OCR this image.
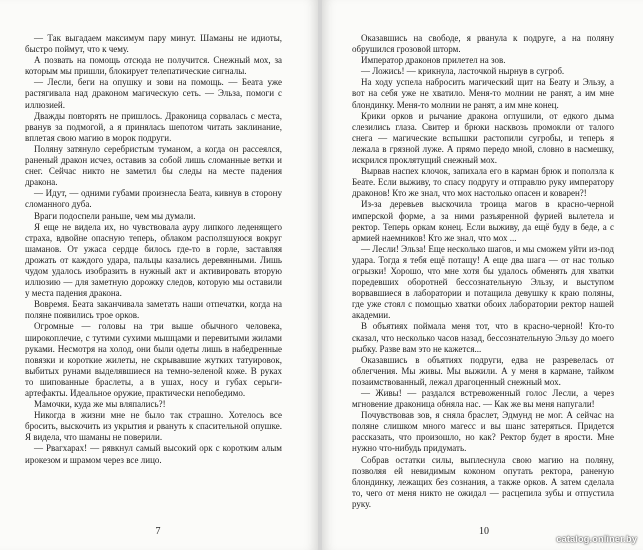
— Так выгадаем максимум пару минут. Шаманы не идиоты, быстро поймут, что к чему.

А позвать на помощь отсюда не получится. Снежный мох, за которым мы пришли, блокирует телепатические сигналы.

— Лесли, беги на опушку и зови на помощь. — Беата уже растягивала над драконом магическую сеть. — Эльза, помоги с иллюзией.

Дважды повторять не пришлось. Драконица сорвалась с места, рванув за подмогой, а я принялась шепотом читать заклинание, вплетая свою магию в морок подруги.

Поляну затянуло серебристым туманом, а когда он рассеялся, раненый дракон исчез, оставив за собой лишь сломанные ветки и снег. Сейчас никто не заметил бы следы на месте падения дракона.

— Идут, — одними губами произнесла Беата, кивнув в сторону сломанного дуба.

Враги подоспели раньше, чем мы думали.

Я еще не видела их, но чувствовала ауру липкого леденящего страха, вдвойне опасную теперь, облаком расползшуюся вокруг шаманов. От ужаса сердце билось где-то в горле, заставляя дрожать от каждого удара, пальцы казались деревянными. Лишь чудом удалось изобразить в нужный акт и активировать вторую иллюзию — для заметную дорожку следов, которую мы оставили у места падения дракона.

Вовремя. Беата заканчивала заметать наши отпечатки, когда на поляне появились трое орков.

Огромные — головы на три выше обычного человека, широкоплечие, с тутими сухими мышцами и перевитыми жилами руками. Несмотря на холод, они были одеты лишь в набедренные повязки и короткие жилеты, не скрывавшие жутких татуировок, выбитых рунами выделявшиеся на темно-зеленой коже. В руках то шипованные браслеты, а в ушах, носу и губах серьги-артефакты. Идеальное оружие, практически непобедимо.

Мамочки, куда же мы вляпались?!

Никогда в жизни мне не было так страшно. Хотелось все бросить, выскочить из укрытия и рвануть к спасительной опушке. Я видела, что шаманы не поверили.

— Рвагхарах! — рявкнул самый высокий орк с коротким алым ирокезом и шрамом через все лицо.

7

Оказавшись на свободе, я рванула к подруге, а на поляну обрушился грозовой шторм.

Император драконов прилетел на зов.

— Ложись! — крикнула, ласточкой нырнув в сугроб.

На ходу успела набросить магический щит на Беату и Эльзу, а вот на себя уже не хватило. Меня-то молнии не ранят, а им мне блондинку. Меня-то молнии не ранят, а им мне конец.

Крики орков и рычание дракона оглушили, от едкого дыма слезились глаза. Свитер и брюки насквозь промокли от талого снега — магические вспышки растопили сугробы, и теперь я лежала в грязной луже. А прямо передо мной, словно в насмешку, искрился проклятущий снежный мох.

Вырвав наспех клочок, запихала его в карман брюк и поползла к Беате. Если выживу, то спасу подругу и отправлю руку императору драконов! Кто же знал, что мох настолько опасен и коварен?!

Из-за деревьев выскочила троица магов в красно-черной имперской форме, а за ними разъяренной фурией вылетела и ректор. Теперь оркам конец. Если выживу, да ещё буду в беде, а с армией наемников! Кто же знал, что мох ...

— Лесли! Эльза! Еще несколько шагов, и мы сможем уйти из-под удара. Тогда я тебя ещё потащу! А еще два шага — от нас только огрызки! Хорошо, что мне хотя бы удалось обменять для хватки поредевших оборотней бессознательную Эльзу, и выступом ворвавшиеся в лаборатории и потащила девушку к краю поляны, где уже стоял с помощью хватки обоих лаборатории ректор нашей академии.

В объятиях поймала меня тот, что в красно-черной! Кто-то сказал, что несколько часов назад, бессознательную Эльзу до моего рыбку. Разве вам это не кажется...

Оказавшись в объятиях подруги, едва не разревелась от облегчения. Мы живы. Мы выжили. А у меня в кармане, тайком позаимствованный, лежал драгоценный снежный мох.

— Живы! — раздался встревоженный голос Лесли, а через мгновение драконица обняла нас. — Как же вы меня напугали!

Почувствовав зов, я сняла браслет, Эдмунд не мог. А сейчас на поляне слишком много магесс и вы шанс затеряться. Придется рассказать, что произошло, но как? Ректор будет в ярости. Мне нужно что-нибудь придумать.

Собрав остатки силы, выплеснула свою магию на поляну, позволяя ей невидимым коконом опутать ректора, раненую блондинку, лежащих без сознания, а также орков. А затем сделала то, чего от меня никто не ожидал — расцепила зубы и отпустила руку.

10
catalog.onliner.by
